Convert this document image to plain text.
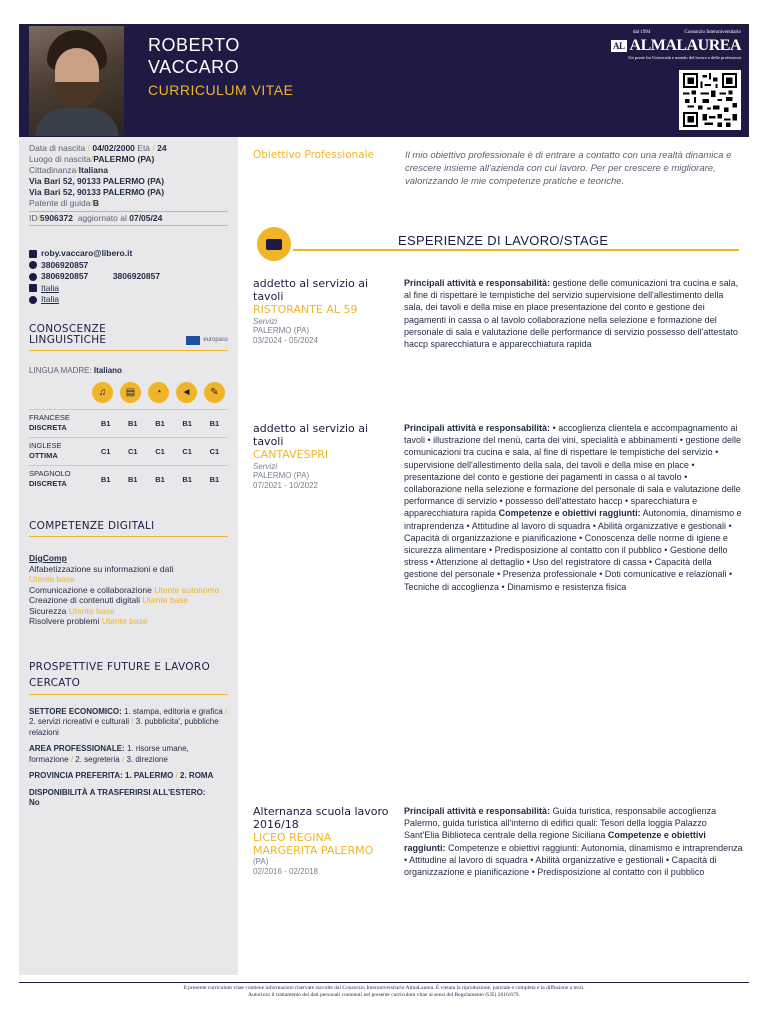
ROBERTO
VACCARO
CURRICULUM VITAE
dal 1994	Consorzio Interuniversitario
AL ALMALAUREA
Un ponte fra Università e mondo del lavoro e delle professioni
Data di nascita / 04/02/2000 Età / 24
Luogo di nascita/PALERMO (PA)
Cittadinanza/Italiana
Via Bari 52, 90133 PALERMO (PA)
Via Bari 52, 90133 PALERMO (PA)
Patente di guida/B
ID/5906372 aggiornato al 07/05/24
roby.vaccaro@libero.it
3806920857
3806920857
	3806920857
Italia
Italia
CONOSCENZE LINGUISTICHE	europass
LINGUA MADRE: Italiano
♫	▤	◔	◄	✎
FRANCESE
DISCRETA	B1	B1	B1	B1	B1
INGLESE
OTTIMA	C1	C1	C1	C1	C1
SPAGNOLO
DISCRETA	B1	B1	B1	B1	B1
COMPETENZE DIGITALI
DigComp
Alfabetizzazione su informazioni e dati
Utente base
Comunicazione e collaborazione Utente autonomo
Creazione di contenuti digitali Utente base
Sicurezza Utente base
Risolvere problemi Utente base
PROSPETTIVE FUTURE E LAVORO CERCATO

SETTORE ECONOMICO: 1. stampa, editoria e grafica / 2. servizi ricreativi e culturali / 3. pubblicita', pubbliche relazioni

AREA PROFESSIONALE: 1. risorse umane, formazione / 2. segreteria / 3. direzione

PROVINCIA PREFERITA: 1. PALERMO / 2. ROMA

DISPONIBILITÀ A TRASFERIRSI ALL'ESTERO:
No

Obiettivo Professionale	Il mio obiettivo professionale è di entrare a contatto con una realtà dinamica e crescere insieme all'azienda con cui lavoro. Per per crescere e migliorare, valorizzando le mie competenze pratiche e teoriche.
ESPERIENZE DI LAVORO/STAGE
addetto al servizio ai tavoli
RISTORANTE AL 59
Servizi
PALERMO (PA)
03/2024 - 05/2024
Principali attività e responsabilità: gestione delle comunicazioni tra cucina e sala, al fine di rispettare le tempistiche del servizio supervisione dell'allestimento della sala, dei tavoli e della mise en place presentazione del conto e gestione dei pagamenti in cassa o al tavolo collaborazione nella selezione e formazione del personale di sala e valutazione delle performance di servizio possesso dell'attestato haccp sparecchiatura e apparecchiatura rapida
addetto al servizio ai tavoli
CANTAVESPRI
Servizi
PALERMO (PA)
07/2021 - 10/2022
Principali attività e responsabilità: • accoglienza clientela e accompagnamento ai tavoli • illustrazione del menù, carta dei vini, specialità e abbinamenti • gestione delle comunicazioni tra cucina e sala, al fine di rispettare le tempistiche del servizio • supervisione dell'allestimento della sala, dei tavoli e della mise en place • presentazione del conto e gestione dei pagamenti in cassa o al tavolo • collaborazione nella selezione e formazione del personale di sala e valutazione delle performance di servizio • possesso dell'attestato haccp • sparecchiatura e apparecchiatura rapida Competenze e obiettivi raggiunti: Autonomia, dinamismo e intraprendenza • Attitudine al lavoro di squadra • Abilità organizzative e gestionali • Capacità di organizzazione e pianificazione • Conoscenza delle norme di igiene e sicurezza alimentare • Predisposizione al contatto con il pubblico • Gestione dello stress • Attenzione al dettaglio • Uso del registratore di cassa • Capacità della gestione del personale • Presenza professionale • Doti comunicative e relazionali • Tecniche di accoglienza • Dinamismo e resistenza fisica
Alternanza scuola lavoro 2016/18
LICEO REGINA MARGERITA PALERMO
(PA)
02/2016 - 02/2018
Principali attività e responsabilità: Guida turistica, responsabile accoglienza Palermo, guida turistica all'interno di edifici quali: Tesori della loggia Palazzo Sant'Elia Biblioteca centrale della regione Siciliana Competenze e obiettivi raggiunti: Competenze e obiettivi raggiunti: Autonomia, dinamismo e intraprendenza • Attitudine al lavoro di squadra • Abilità organizzative e gestionali • Capacità di organizzazione e pianificazione • Predisposizione al contatto con il pubblico
Il presente curriculum vitae contiene informazioni riservate raccolte dal Consorzio Interuniversitario AlmaLaurea. È vietata la riproduzione, parziale e completa e la diffusione a terzi.
Autorizzo il trattamento dei dati personali contenuti nel presente curriculum vitae ai sensi del Regolamento (UE) 2016/679.
